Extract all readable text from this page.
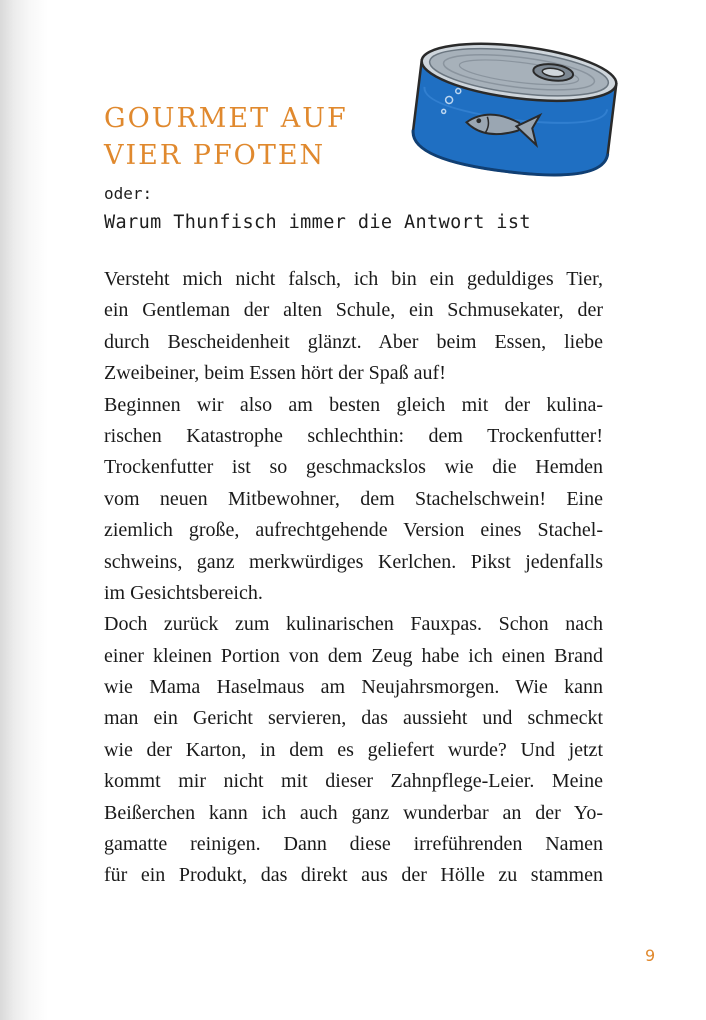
GOURMET AUF
VIER PFOTEN
oder:
Warum Thunfisch immer die Antwort ist
Versteht mich nicht falsch, ich bin ein geduldiges Tier,
ein Gentleman der alten Schule, ein Schmusekater, der
durch Bescheidenheit glänzt. Aber beim Essen, liebe
Zweibeiner, beim Essen hört der Spaß auf!
Beginnen wir also am besten gleich mit der kulina-
rischen Katastrophe schlechthin: dem Trockenfutter!
Trockenfutter ist so geschmackslos wie die Hemden
vom neuen Mitbewohner, dem Stachelschwein! Eine
ziemlich große, aufrechtgehende Version eines Stachel-
schweins, ganz merkwürdiges Kerlchen. Pikst jedenfalls
im Gesichtsbereich.
Doch zurück zum kulinarischen Fauxpas. Schon nach
einer kleinen Portion von dem Zeug habe ich einen Brand
wie Mama Haselmaus am Neujahrsmorgen. Wie kann
man ein Gericht servieren, das aussieht und schmeckt
wie der Karton, in dem es geliefert wurde? Und jetzt
kommt mir nicht mit dieser Zahnpflege-Leier. Meine
Beißerchen kann ich auch ganz wunderbar an der Yo-
gamatte reinigen. Dann diese irreführenden Namen
für ein Produkt, das direkt aus der Hölle zu stammen
9
